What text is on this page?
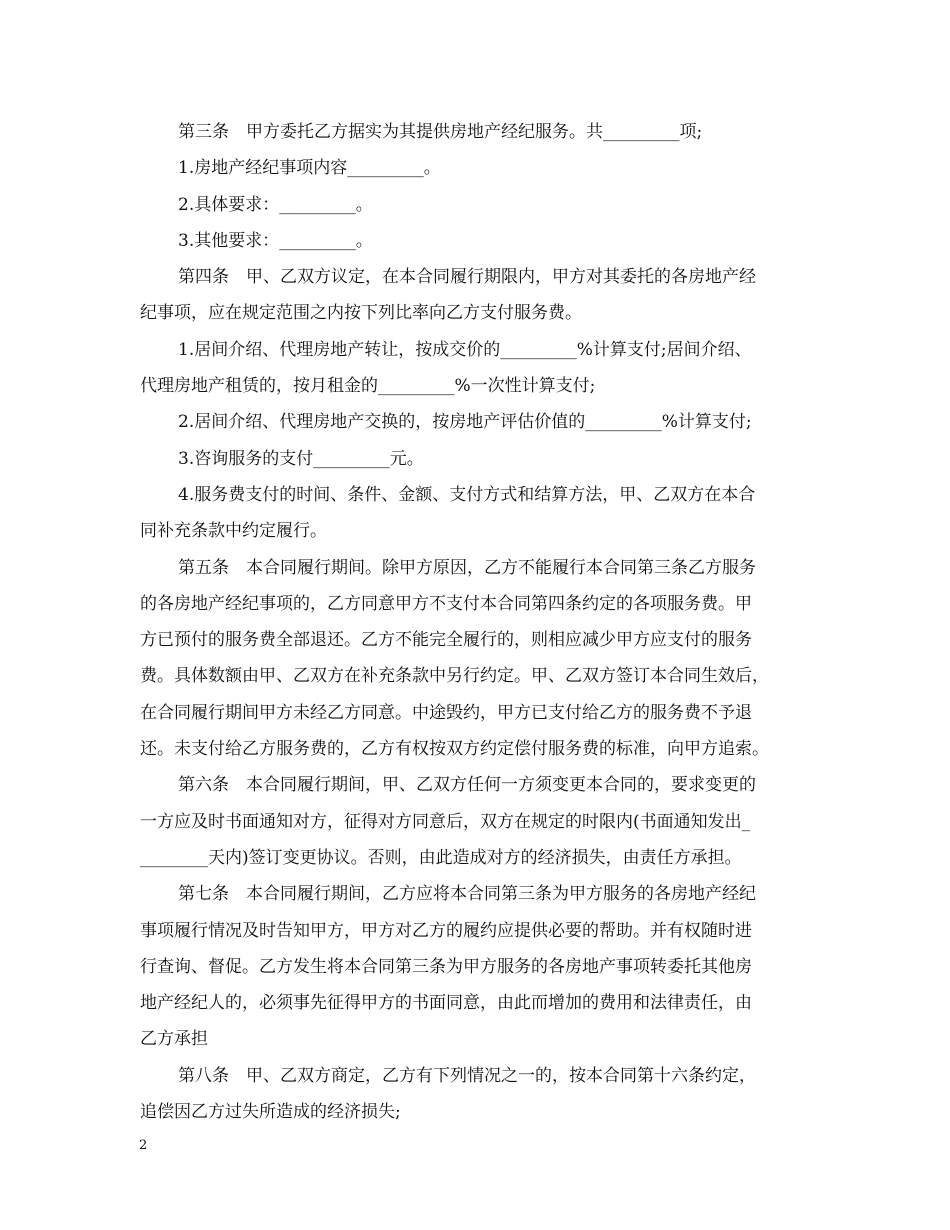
第三条　甲方委托乙方据实为其提供房地产经纪服务。共_________项;
1.房地产经纪事项内容_________。
2.具体要求：_________。
3.其他要求：_________。
第四条　甲、乙双方议定，在本合同履行期限内，甲方对其委托的各房地产经
纪事项，应在规定范围之内按下列比率向乙方支付服务费。
1.居间介绍、代理房地产转让，按成交价的_________%计算支付;居间介绍、
代理房地产租赁的，按月租金的_________%一次性计算支付;
2.居间介绍、代理房地产交换的，按房地产评估价值的_________%计算支付;
3.咨询服务的支付_________元。
4.服务费支付的时间、条件、金额、支付方式和结算方法，甲、乙双方在本合
同补充条款中约定履行。
第五条　本合同履行期间。除甲方原因，乙方不能履行本合同第三条乙方服务
的各房地产经纪事项的，乙方同意甲方不支付本合同第四条约定的各项服务费。甲
方已预付的服务费全部退还。乙方不能完全履行的，则相应减少甲方应支付的服务
费。具体数额由甲、乙双方在补充条款中另行约定。甲、乙双方签订本合同生效后，
在合同履行期间甲方未经乙方同意。中途毁约，甲方已支付给乙方的服务费不予退
还。未支付给乙方服务费的，乙方有权按双方约定偿付服务费的标准，向甲方追索。
第六条　本合同履行期间，甲、乙双方任何一方须变更本合同的，要求变更的
一方应及时书面通知对方，征得对方同意后，双方在规定的时限内(书面通知发出_
________天内)签订变更协议。否则，由此造成对方的经济损失，由责任方承担。
第七条　本合同履行期间，乙方应将本合同第三条为甲方服务的各房地产经纪
事项履行情况及时告知甲方，甲方对乙方的履约应提供必要的帮助。并有权随时进
行查询、督促。乙方发生将本合同第三条为甲方服务的各房地产事项转委托其他房
地产经纪人的，必须事先征得甲方的书面同意，由此而增加的费用和法律责任，由
乙方承担
第八条　甲、乙双方商定，乙方有下列情况之一的，按本合同第十六条约定，
追偿因乙方过失所造成的经济损失;
2
